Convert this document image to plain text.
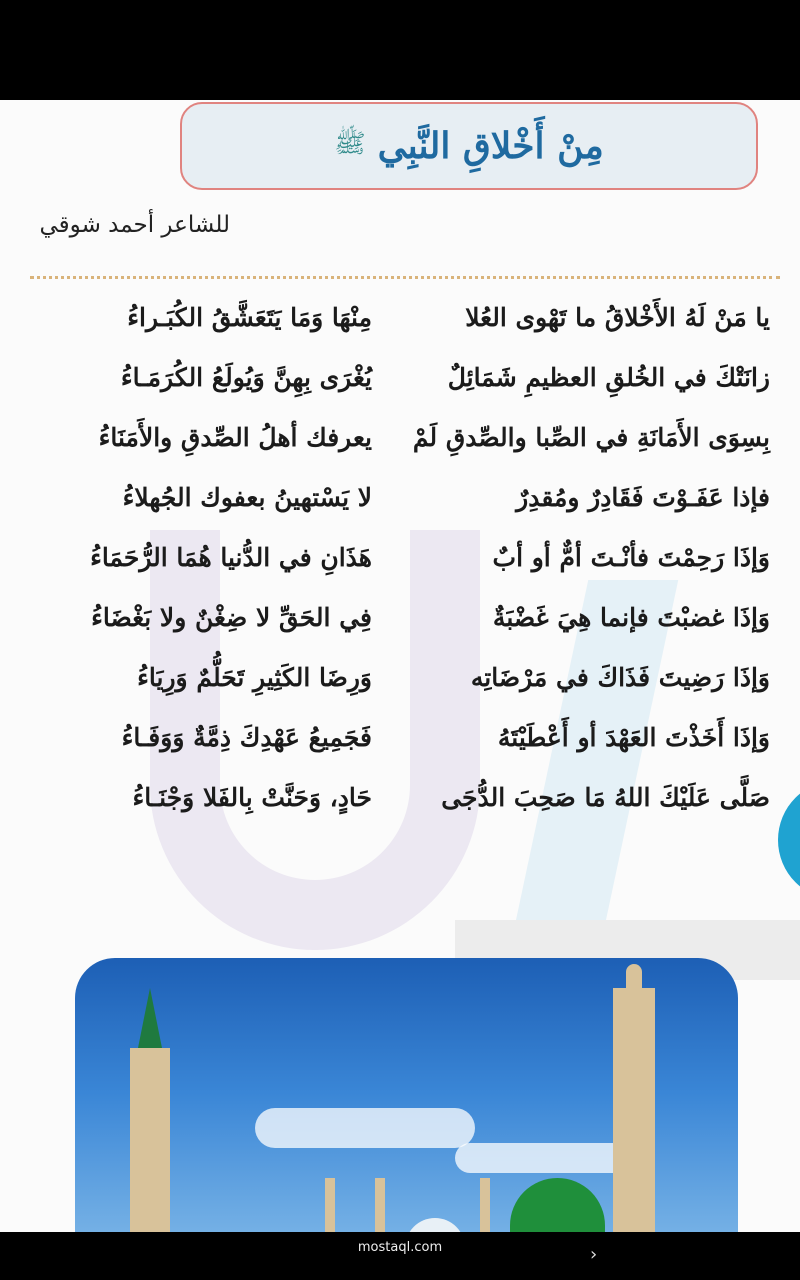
ﷺ مِنْ أَخْلاقِ النَّبِي
للشاعر أحمد شوقي
يا مَنْ لَهُ الأَخْلاقُ ما تَهْوى العُلا
مِنْهَا وَمَا يَتَعَشَّقُ الكُبَـراءُ
زانَتْكَ في الخُلقِ العظيمِ شَمَائِلٌ
يُغْرَى بِهِنَّ وَيُولَعُ الكُرَمَـاءُ
بِسِوَى الأَمَانَةِ في الصِّبا والصِّدقِ لَمْ
يعرفك أهلُ الصِّدقِ والأَمَنَاءُ
فإذا عَفَـوْتَ فَقَادِرٌ ومُقدِرٌ
لا يَسْتهينُ بعفوك الجُهلاءُ
وَإذَا رَحِمْتَ فأنْـتَ أمٌّ أو أبٌ
هَذَانِ في الدُّنيا هُمَا الرُّحَمَاءُ
وَإذَا غضبْتَ فإنما هِيَ غَضْبَةٌ
فِي الحَقِّ لا ضِغْنٌ ولا بَغْضَاءُ
وَإذَا رَضِيتَ فَذَاكَ في مَرْضَاتِه
وَرِضَا الكَثِيرِ تَحَلُّمٌ وَرِيَاءُ
وَإذَا أَخَذْتَ العَهْدَ أو أَعْطَيْتَهُ
فَجَمِيعُ عَهْدِكَ ذِمَّةٌ وَوَفَـاءُ
صَلَّى عَلَيْكَ اللهُ مَا صَحِبَ الدُّجَى
حَادٍ، وَحَنَّتْ بِالفَلا وَجْنَـاءُ
mostaql.com	›
